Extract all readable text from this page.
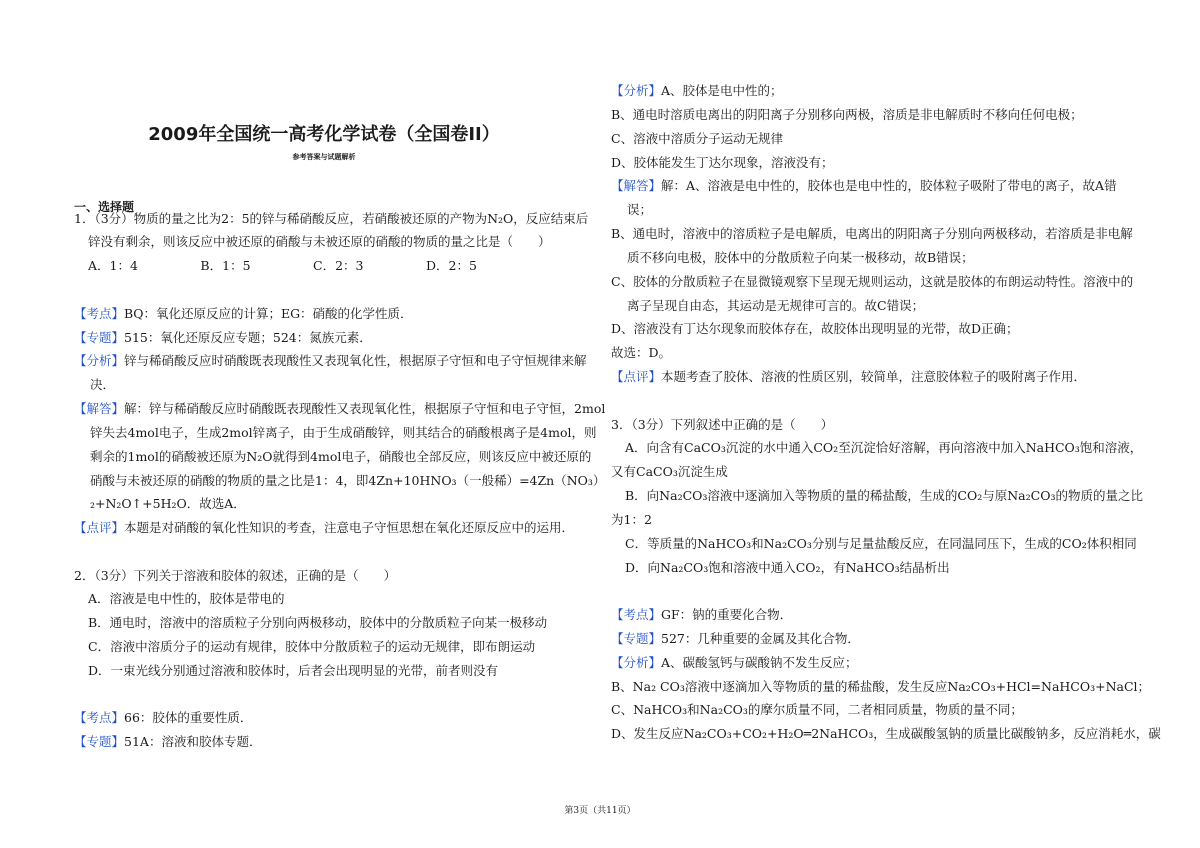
2009年全国统一高考化学试卷（全国卷II）
参考答案与试题解析
一、选择题
1．（3分）物质的量之比为2：5的锌与稀硝酸反应，若硝酸被还原的产物为N₂O，反应结束后
锌没有剩余，则该反应中被还原的硝酸与未被还原的硝酸的物质的量之比是（　　）
A．1：4　　　　　B．1：5　　　　　C．2：3　　　　　D．2：5
【考点】BQ：氧化还原反应的计算；EG：硝酸的化学性质．
【专题】515：氧化还原反应专题；524：氮族元素．
【分析】锌与稀硝酸反应时硝酸既表现酸性又表现氧化性，根据原子守恒和电子守恒规律来解
决．
【解答】解：锌与稀硝酸反应时硝酸既表现酸性又表现氧化性，根据原子守恒和电子守恒，2mol
锌失去4mol电子，生成2mol锌离子，由于生成硝酸锌，则其结合的硝酸根离子是4mol，则
剩余的1mol的硝酸被还原为N₂O就得到4mol电子，硝酸也全部反应，则该反应中被还原的
硝酸与未被还原的硝酸的物质的量之比是1：4，即4Zn+10HNO₃（一般稀）=4Zn（NO₃）
₂+N₂O↑+5H₂O．故选A．
【点评】本题是对硝酸的氧化性知识的考查，注意电子守恒思想在氧化还原反应中的运用．
2．（3分）下列关于溶液和胶体的叙述，正确的是（　　）
A．溶液是电中性的，胶体是带电的
B．通电时，溶液中的溶质粒子分别向两极移动，胶体中的分散质粒子向某一极移动
C．溶液中溶质分子的运动有规律，胶体中分散质粒子的运动无规律，即布朗运动
D．一束光线分别通过溶液和胶体时，后者会出现明显的光带，前者则没有
【考点】66：胶体的重要性质．
【专题】51A：溶液和胶体专题．
【分析】A、胶体是电中性的；
B、通电时溶质电离出的阴阳离子分别移向两极，溶质是非电解质时不移向任何电极；
C、溶液中溶质分子运动无规律
D、胶体能发生丁达尔现象，溶液没有；
【解答】解：A、溶液是电中性的，胶体也是电中性的，胶体粒子吸附了带电的离子，故A错
误；
B、通电时，溶液中的溶质粒子是电解质，电离出的阴阳离子分别向两极移动，若溶质是非电解
质不移向电极，胶体中的分散质粒子向某一极移动，故B错误；
C、胶体的分散质粒子在显微镜观察下呈现无规则运动，这就是胶体的布朗运动特性。溶液中的
离子呈现自由态，其运动是无规律可言的。故C错误；
D、溶液没有丁达尔现象而胶体存在，故胶体出现明显的光带，故D正确；
故选：D。
【点评】本题考查了胶体、溶液的性质区别，较简单，注意胶体粒子的吸附离子作用．
3．（3分）下列叙述中正确的是（　　）
A．向含有CaCO₃沉淀的水中通入CO₂至沉淀恰好溶解，再向溶液中加入NaHCO₃饱和溶液，
又有CaCO₃沉淀生成
B．向Na₂CO₃溶液中逐滴加入等物质的量的稀盐酸，生成的CO₂与原Na₂CO₃的物质的量之比
为1：2
C．等质量的NaHCO₃和Na₂CO₃分别与足量盐酸反应，在同温同压下，生成的CO₂体积相同
D．向Na₂CO₃饱和溶液中通入CO₂，有NaHCO₃结晶析出
【考点】GF：钠的重要化合物．
【专题】527：几种重要的金属及其化合物．
【分析】A、碳酸氢钙与碳酸钠不发生反应；
B、Na₂ CO₃溶液中逐滴加入等物质的量的稀盐酸，发生反应Na₂CO₃+HCl=NaHCO₃+NaCl；
C、NaHCO₃和Na₂CO₃的摩尔质量不同，二者相同质量，物质的量不同；
D、发生反应Na₂CO₃+CO₂+H₂O═2NaHCO₃，生成碳酸氢钠的质量比碳酸钠多，反应消耗水，碳
第3页（共11页）
